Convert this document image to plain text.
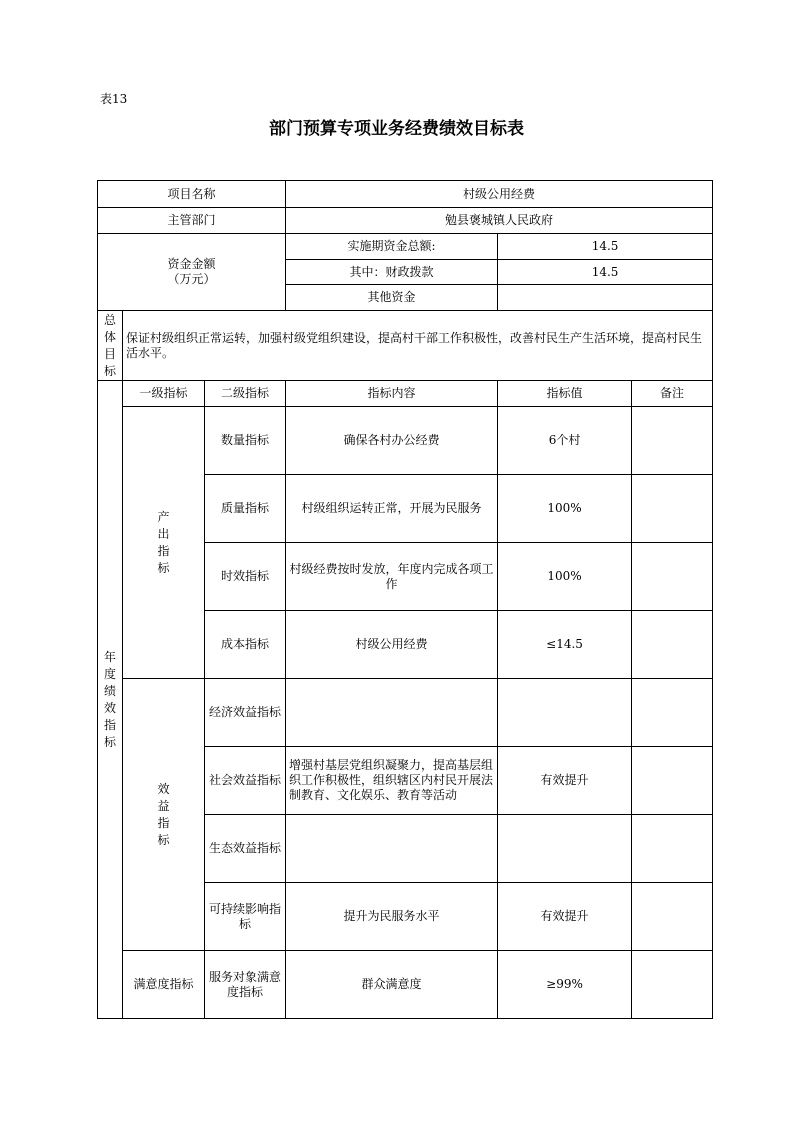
表13
部门预算专项业务经费绩效目标表
项目名称			村级公用经费		
主管部门			勉县褒城镇人民政府		

资金金额
（万元）			实施期资金总额:	14.5	
			其中：财政拨款	14.5	
			其他资金		
总体目标	保证村级组织正常运转，加强村级党组织建设，提高村干部工作积极性，改善村民生产生活环境，提高村民生活水平。				
年度绩效指标	一级指标	二级指标	指标内容	指标值	备注
	产出指标	数量指标	确保各村办公经费	6个村	
		质量指标	村级组织运转正常，开展为民服务	100%	
		时效指标	村级经费按时发放，年度内完成各项工作	100%	
		成本指标	村级公用经费	≤14.5	
	效益指标	经济效益指标			
		社会效益指标	增强村基层党组织凝聚力，提高基层组织工作积极性，组织辖区内村民开展法制教育、文化娱乐、教育等活动	有效提升	
		生态效益指标			
		可持续影响指标	提升为民服务水平	有效提升	
	满意度指标	服务对象满意度指标	群众满意度	≥99%	
